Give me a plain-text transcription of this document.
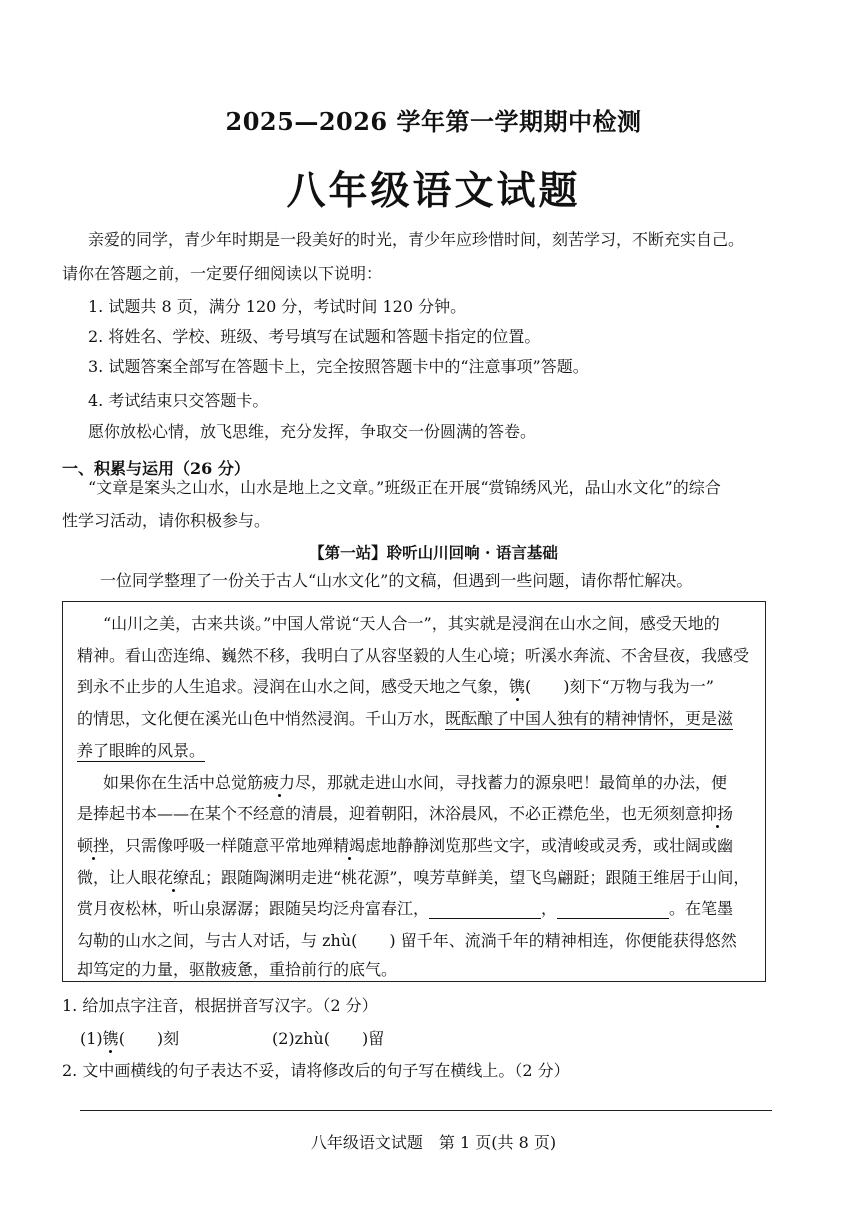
2025—2026 学年第一学期期中检测
八年级语文试题
亲爱的同学，青少年时期是一段美好的时光，青少年应珍惜时间，刻苦学习，不断充实自己。
请你在答题之前，一定要仔细阅读以下说明：
1. 试题共 8 页，满分 120 分，考试时间 120 分钟。
2. 将姓名、学校、班级、考号填写在试题和答题卡指定的位置。
3. 试题答案全部写在答题卡上，完全按照答题卡中的“注意事项”答题。
4. 考试结束只交答题卡。
愿你放松心情，放飞思维，充分发挥，争取交一份圆满的答卷。
一、积累与运用（26 分）
“文章是案头之山水，山水是地上之文章。”班级正在开展“赏锦绣风光，品山水文化”的综合
性学习活动，请你积极参与。
【第一站】聆听山川回响 · 语言基础
一位同学整理了一份关于古人“山水文化”的文稿，但遇到一些问题，请你帮忙解决。
“山川之美，古来共谈。”中国人常说“天人合一”，其实就是浸润在山水之间，感受天地的
精神。看山峦连绵、巍然不移，我明白了从容坚毅的人生心境；听溪水奔流、不舍昼夜，我感受
到永不止步的人生追求。浸润在山水之间，感受天地之气象，镌(　　)刻下“万物与我为一”
的情思，文化便在溪光山色中悄然浸润。千山万水，既酝酿了中国人独有的精神情怀，更是滋
养了眼眸的风景。
如果你在生活中总觉筋疲力尽，那就走进山水间，寻找蓄力的源泉吧！最简单的办法，便
是捧起书本——在某个不经意的清晨，迎着朝阳，沐浴晨风，不必正襟危坐，也无须刻意抑扬
顿挫，只需像呼吸一样随意平常地殚精竭虑地静静浏览那些文字，或清峻或灵秀，或壮阔或幽
微，让人眼花缭乱；跟随陶渊明走进“桃花源”，嗅芳草鲜美，望飞鸟翩跹；跟随王维居于山间，
赏月夜松林，听山泉潺潺；跟随吴均泛舟富春江，	，	。在笔墨
勾勒的山水之间，与古人对话，与 zhù(　　) 留千年、流淌千年的精神相连，你便能获得悠然
却笃定的力量，驱散疲惫，重拾前行的底气。
1. 给加点字注音，根据拼音写汉字。（2 分）
(1)镌(　　)刻	(2)zhù(　　)留
2. 文中画横线的句子表达不妥，请将修改后的句子写在横线上。（2 分）
八年级语文试题　第 1 页(共 8 页)
